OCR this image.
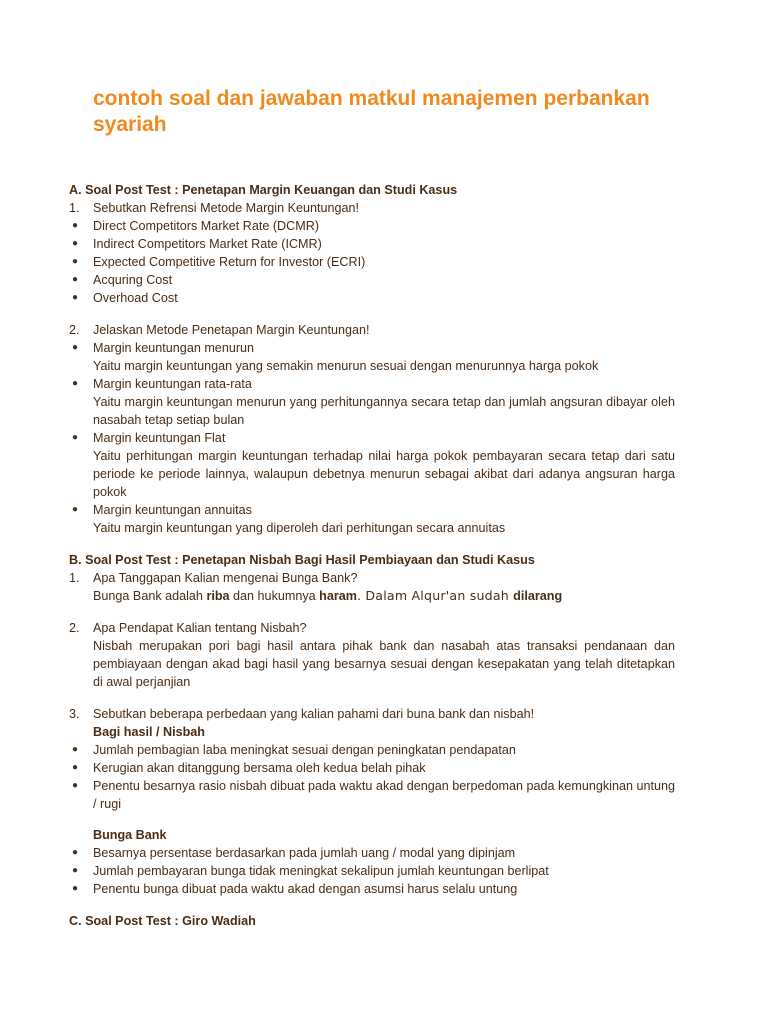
contoh soal dan jawaban matkul manajemen perbankan syariah
A. Soal Post Test : Penetapan Margin Keuangan dan Studi Kasus
1.	Sebutkan Refrensi Metode Margin Keuntungan!
●	Direct Competitors Market Rate (DCMR)
●	Indirect Competitors Market Rate (ICMR)
●	Expected Competitive Return for Investor (ECRI)
●	Acquring Cost
●	Overhoad Cost
2.	Jelaskan Metode Penetapan Margin Keuntungan!
●	Margin keuntungan menurun
Yaitu margin keuntungan yang semakin menurun sesuai dengan menurunnya harga pokok
●	Margin keuntungan rata-rata
Yaitu margin keuntungan menurun yang perhitungannya secara tetap dan jumlah angsuran dibayar oleh nasabah tetap setiap bulan
●	Margin keuntungan Flat
Yaitu perhitungan margin keuntungan terhadap nilai harga pokok pembayaran secara tetap dari satu periode ke periode lainnya, walaupun debetnya menurun sebagai akibat dari adanya angsuran harga pokok
●	Margin keuntungan annuitas
Yaitu margin keuntungan yang diperoleh dari perhitungan secara annuitas
B. Soal Post Test : Penetapan Nisbah Bagi Hasil Pembiayaan dan Studi Kasus
1.	Apa Tanggapan Kalian mengenai Bunga Bank?
Bunga Bank adalah riba dan hukumnya haram. Dalam Alqur'an sudah dilarang
2.	Apa Pendapat Kalian tentang Nisbah?
Nisbah merupakan pori bagi hasil antara pihak bank dan nasabah atas transaksi pendanaan dan pembiayaan dengan akad bagi hasil yang besarnya sesuai dengan kesepakatan yang telah ditetapkan di awal perjanjian
3.	Sebutkan beberapa perbedaan yang kalian pahami dari buna bank dan nisbah!
Bagi hasil / Nisbah
●	Jumlah pembagian laba meningkat sesuai dengan peningkatan pendapatan
●	Kerugian akan ditanggung bersama oleh kedua belah pihak
●	Penentu besarnya rasio nisbah dibuat pada waktu akad dengan berpedoman pada kemungkinan untung / rugi
Bunga Bank
●	Besarnya persentase berdasarkan pada jumlah uang / modal yang dipinjam
●	Jumlah pembayaran bunga tidak meningkat sekalipun jumlah keuntungan berlipat
●	Penentu bunga dibuat pada waktu akad dengan asumsi harus selalu untung
C. Soal Post Test : Giro Wadiah
